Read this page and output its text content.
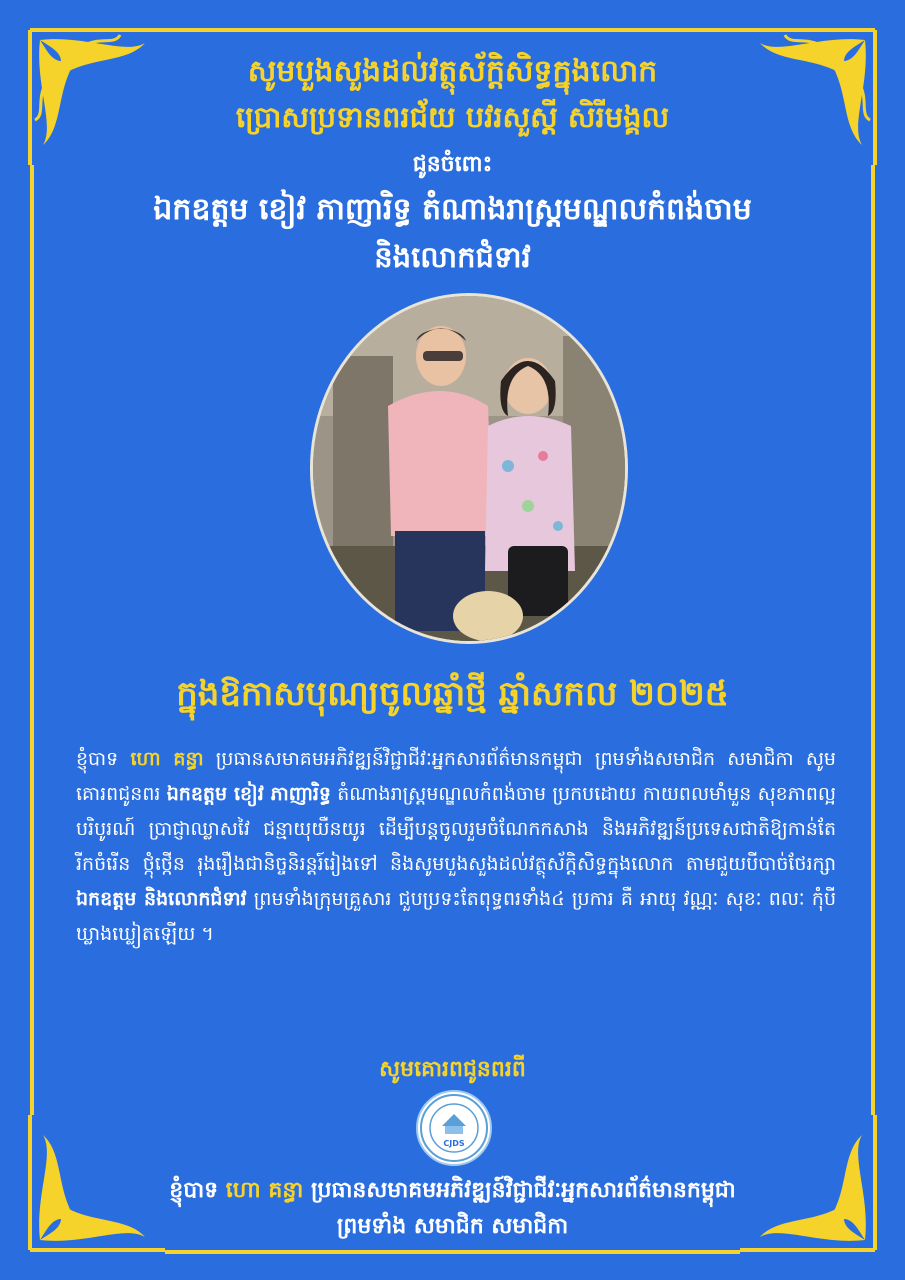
សូមបួងសួងដល់វត្ថុស័ក្តិសិទ្ធក្នុងលោក
ប្រោសប្រទានពរជ័យ បវរសួស្តី សិរីមង្គល
ជូនចំពោះ
ឯកឧត្តម ខៀវ ភាញារិទ្ធ តំណាងរាស្ត្រមណ្ឌលកំពង់ចាម
និងលោកជំទាវ
ក្នុងឱកាសបុណ្យចូលឆ្នាំថ្មី ឆ្នាំសកល ២០២៥
ខ្ញុំបាទ ហោ គន្ធា ប្រធានសមាគមអភិវឌ្ឍន៍វិជ្ជាជីវៈអ្នកសារព័ត៌មានកម្ពុជា ព្រមទាំងសមាជិក សមាជិកា សូមគោរពជូនពរ ឯកឧត្តម ខៀវ ភាញារិទ្ធ តំណាងរាស្ត្រមណ្ឌលកំពង់ចាម ប្រកបដោយ កាយពលមាំមួន សុខភាពល្អបរិបូរណ៍ ប្រាជ្ញាឈ្លាសវៃ ជន្មាយុយឺនយូរ ដើម្បីបន្តចូលរួមចំណែកកសាង និងអភិវឌ្ឍន៍ប្រទេសជាតិឱ្យកាន់តែរីកចំរើន ថ្កុំថ្កើន រុងរឿងជានិច្ចនិរន្តរ៍រៀងទៅ និងសូមបួងសួងដល់វត្ថុស័ក្តិសិទ្ធក្នុងលោក តាមជួយបីបាច់ថែរក្សា ឯកឧត្តម និងលោកជំទាវ ព្រមទាំងក្រុមគ្រួសារ ជួបប្រទះតែពុទ្ធពរទាំង៤ ប្រការ គឺ អាយុ វណ្ណៈ សុខៈ ពលៈ កុំបីឃ្លាងឃ្លៀតឡើយ ។
សូមគោរពជូនពរពី
CJDS
ខ្ញុំបាទ ហោ គន្ធា ប្រធានសមាគមអភិវឌ្ឍន៍វិជ្ជាជីវៈអ្នកសារព័ត៌មានកម្ពុជា
ព្រមទាំង សមាជិក សមាជិកា
